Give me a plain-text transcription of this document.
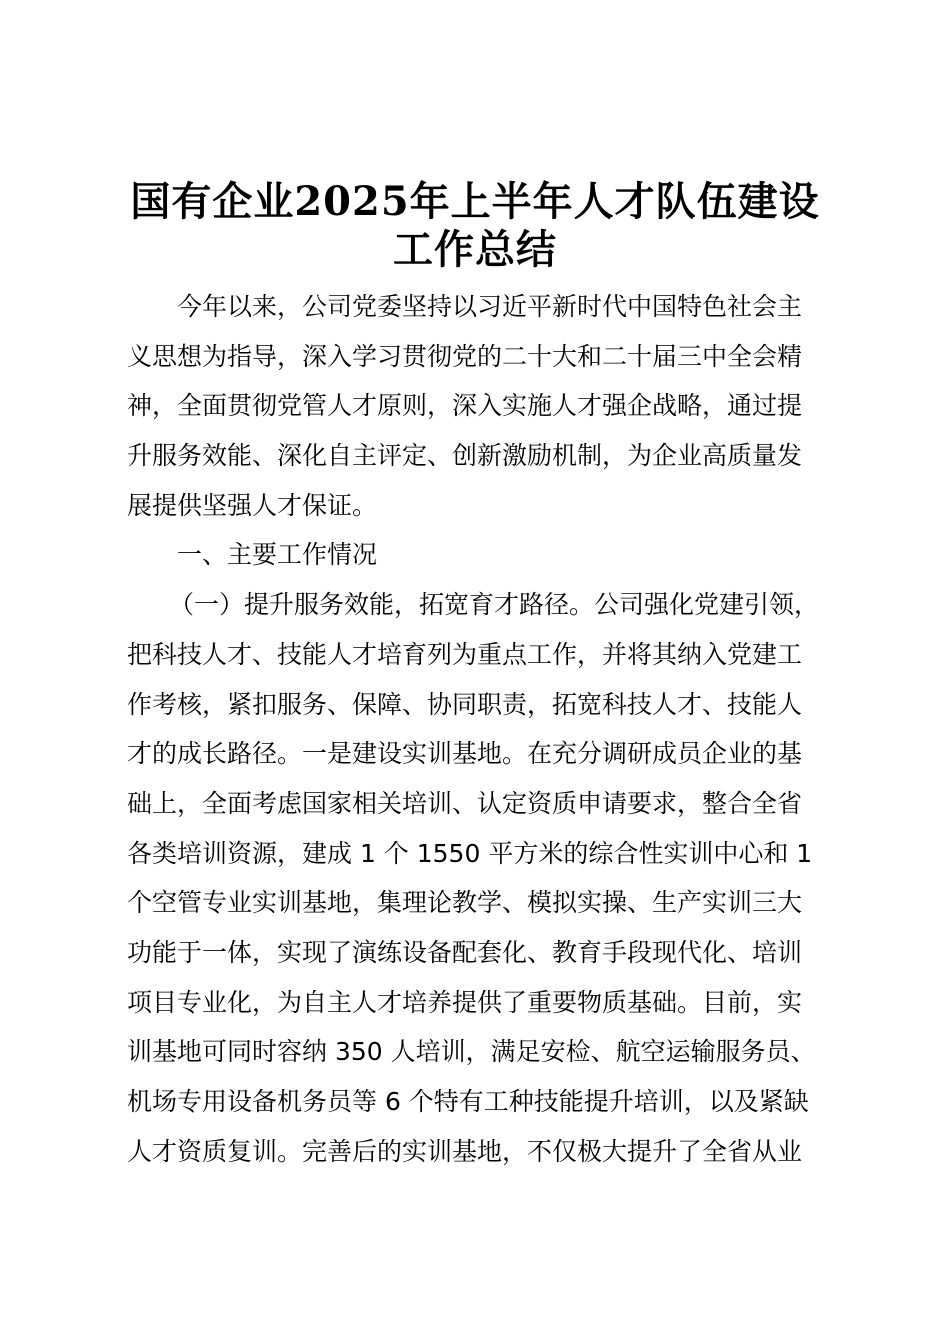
国有企业2025年上半年人才队伍建设
工作总结
今年以来，公司党委坚持以习近平新时代中国特色社会主
义思想为指导，深入学习贯彻党的二十大和二十届三中全会精
神，全面贯彻党管人才原则，深入实施人才强企战略，通过提
升服务效能、深化自主评定、创新激励机制，为企业高质量发
展提供坚强人才保证。
一、主要工作情况
（一）提升服务效能，拓宽育才路径。公司强化党建引领，
把科技人才、技能人才培育列为重点工作，并将其纳入党建工
作考核，紧扣服务、保障、协同职责，拓宽科技人才、技能人
才的成长路径。一是建设实训基地。在充分调研成员企业的基
础上，全面考虑国家相关培训、认定资质申请要求，整合全省
各类培训资源，建成 1 个 1550 平方米的综合性实训中心和 1
个空管专业实训基地，集理论教学、模拟实操、生产实训三大
功能于一体，实现了演练设备配套化、教育手段现代化、培训
项目专业化，为自主人才培养提供了重要物质基础。目前，实
训基地可同时容纳 350 人培训，满足安检、航空运输服务员、
机场专用设备机务员等 6 个特有工种技能提升培训，以及紧缺
人才资质复训。完善后的实训基地，不仅极大提升了全省从业
